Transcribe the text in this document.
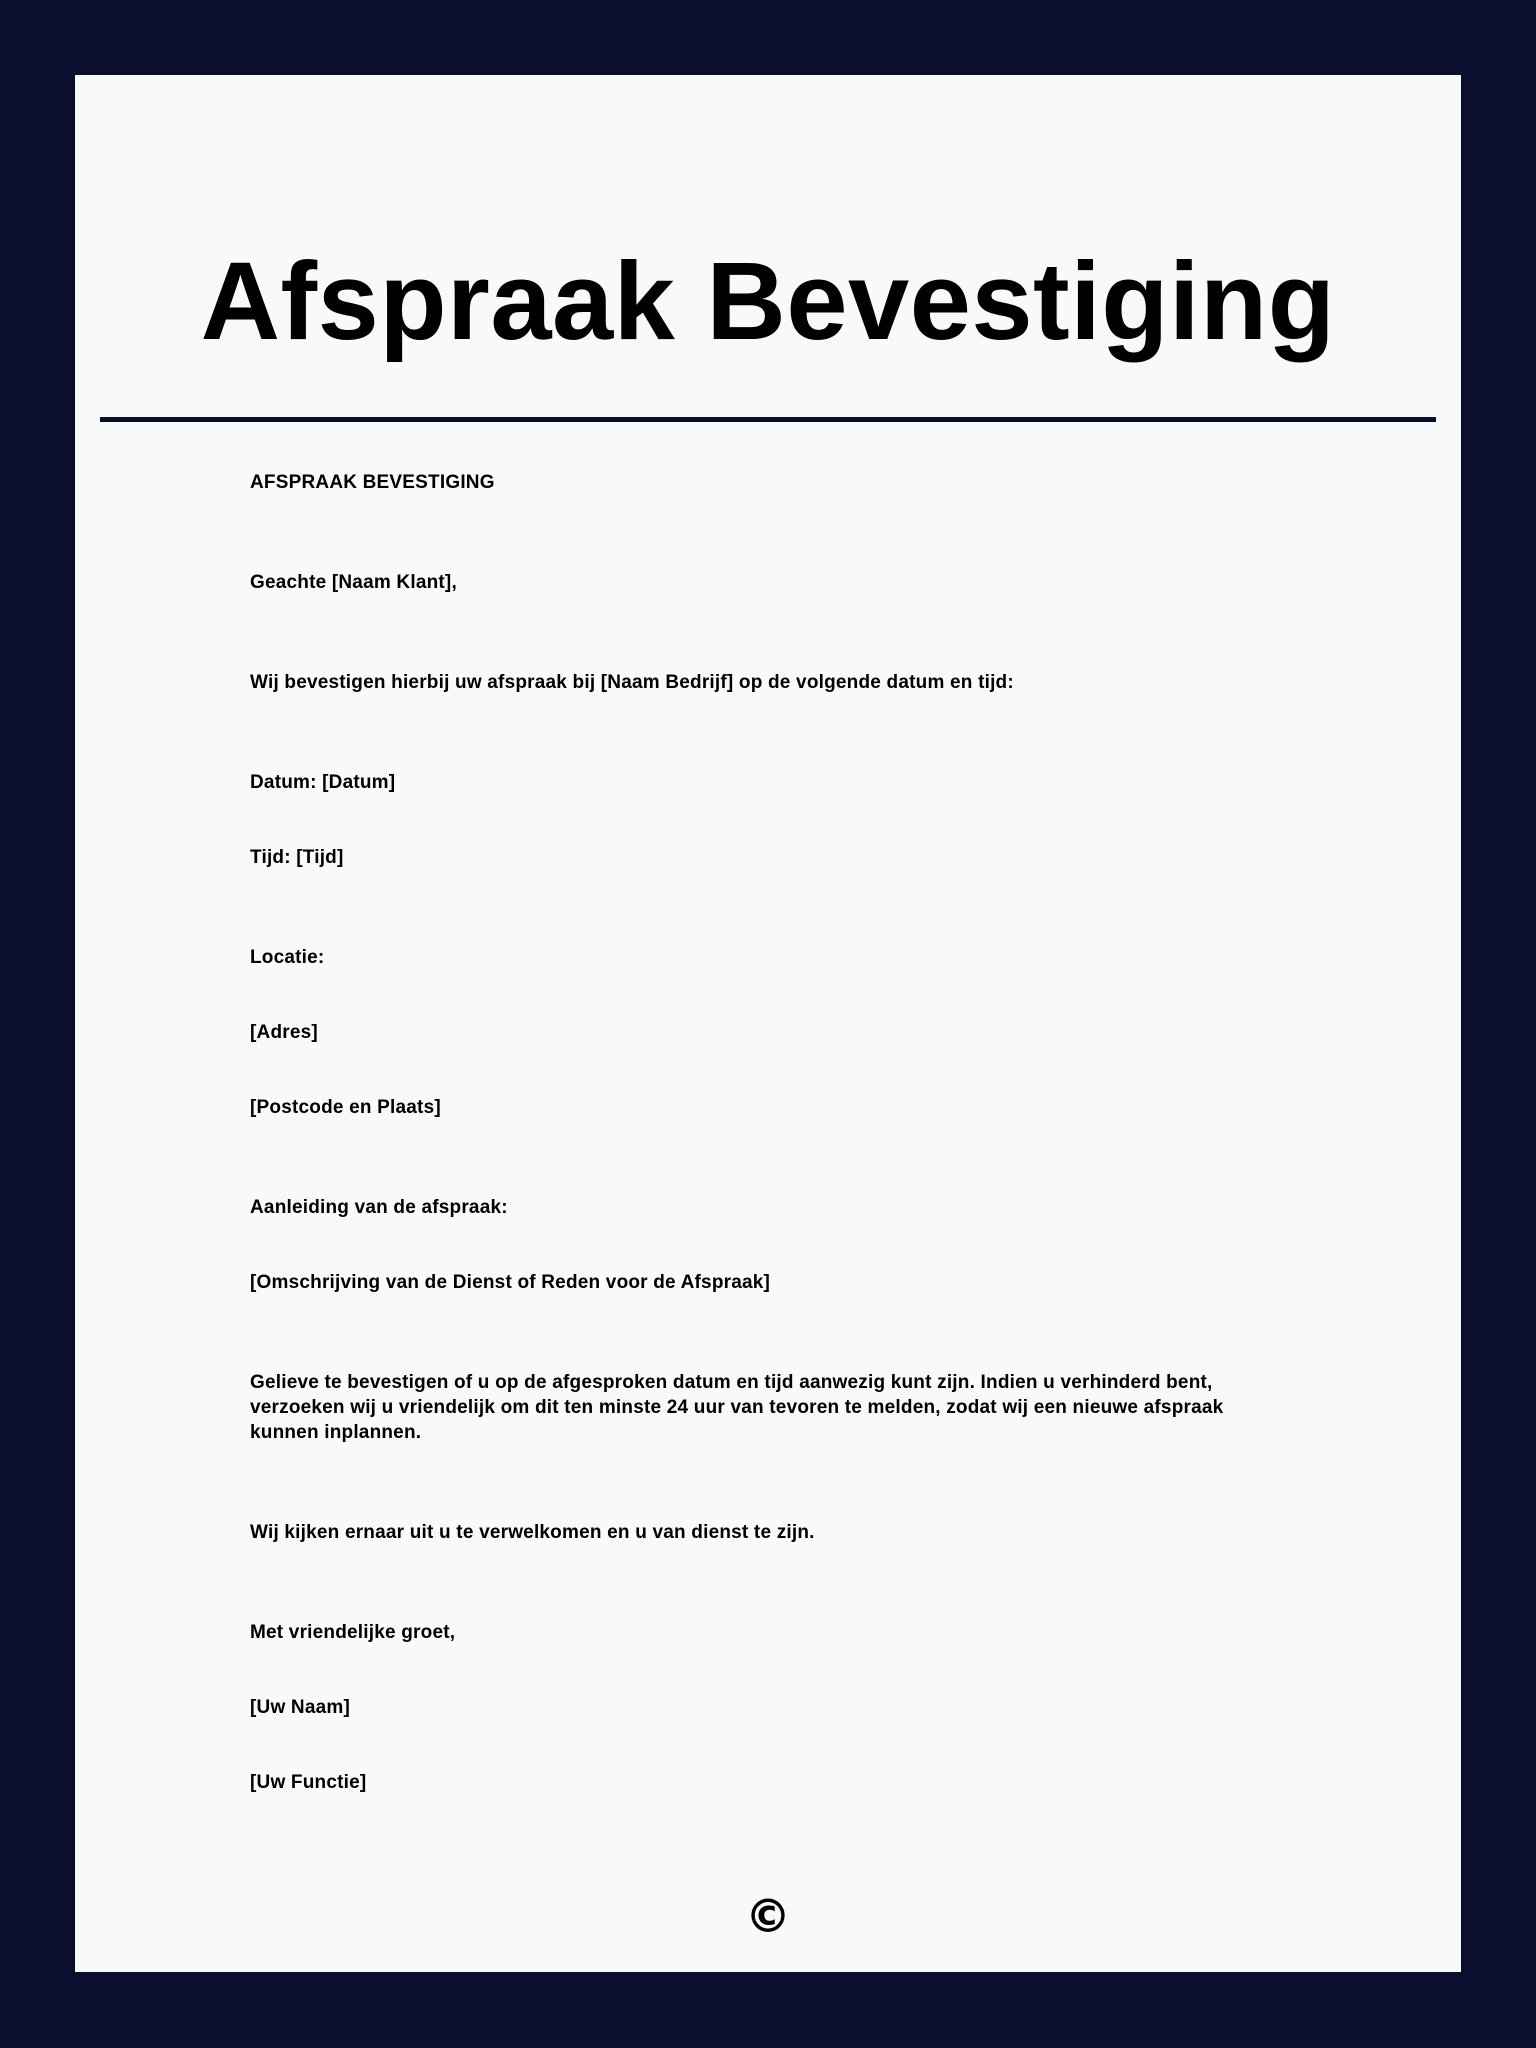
Afspraak Bevestiging

AFSPRAAK BEVESTIGING

Geachte [Naam Klant],

Wij bevestigen hierbij uw afspraak bij [Naam Bedrijf] op de volgende datum en tijd:

Datum: [Datum]

Tijd: [Tijd]

Locatie:

[Adres]

[Postcode en Plaats]

Aanleiding van de afspraak:

[Omschrijving van de Dienst of Reden voor de Afspraak]

Gelieve te bevestigen of u op de afgesproken datum en tijd aanwezig kunt zijn. Indien u verhinderd bent, verzoeken wij u vriendelijk om dit ten minste 24 uur van tevoren te melden, zodat wij een nieuwe afspraak kunnen inplannen.

Wij kijken ernaar uit u te verwelkomen en u van dienst te zijn.

Met vriendelijke groet,

[Uw Naam]

[Uw Functie]

©
